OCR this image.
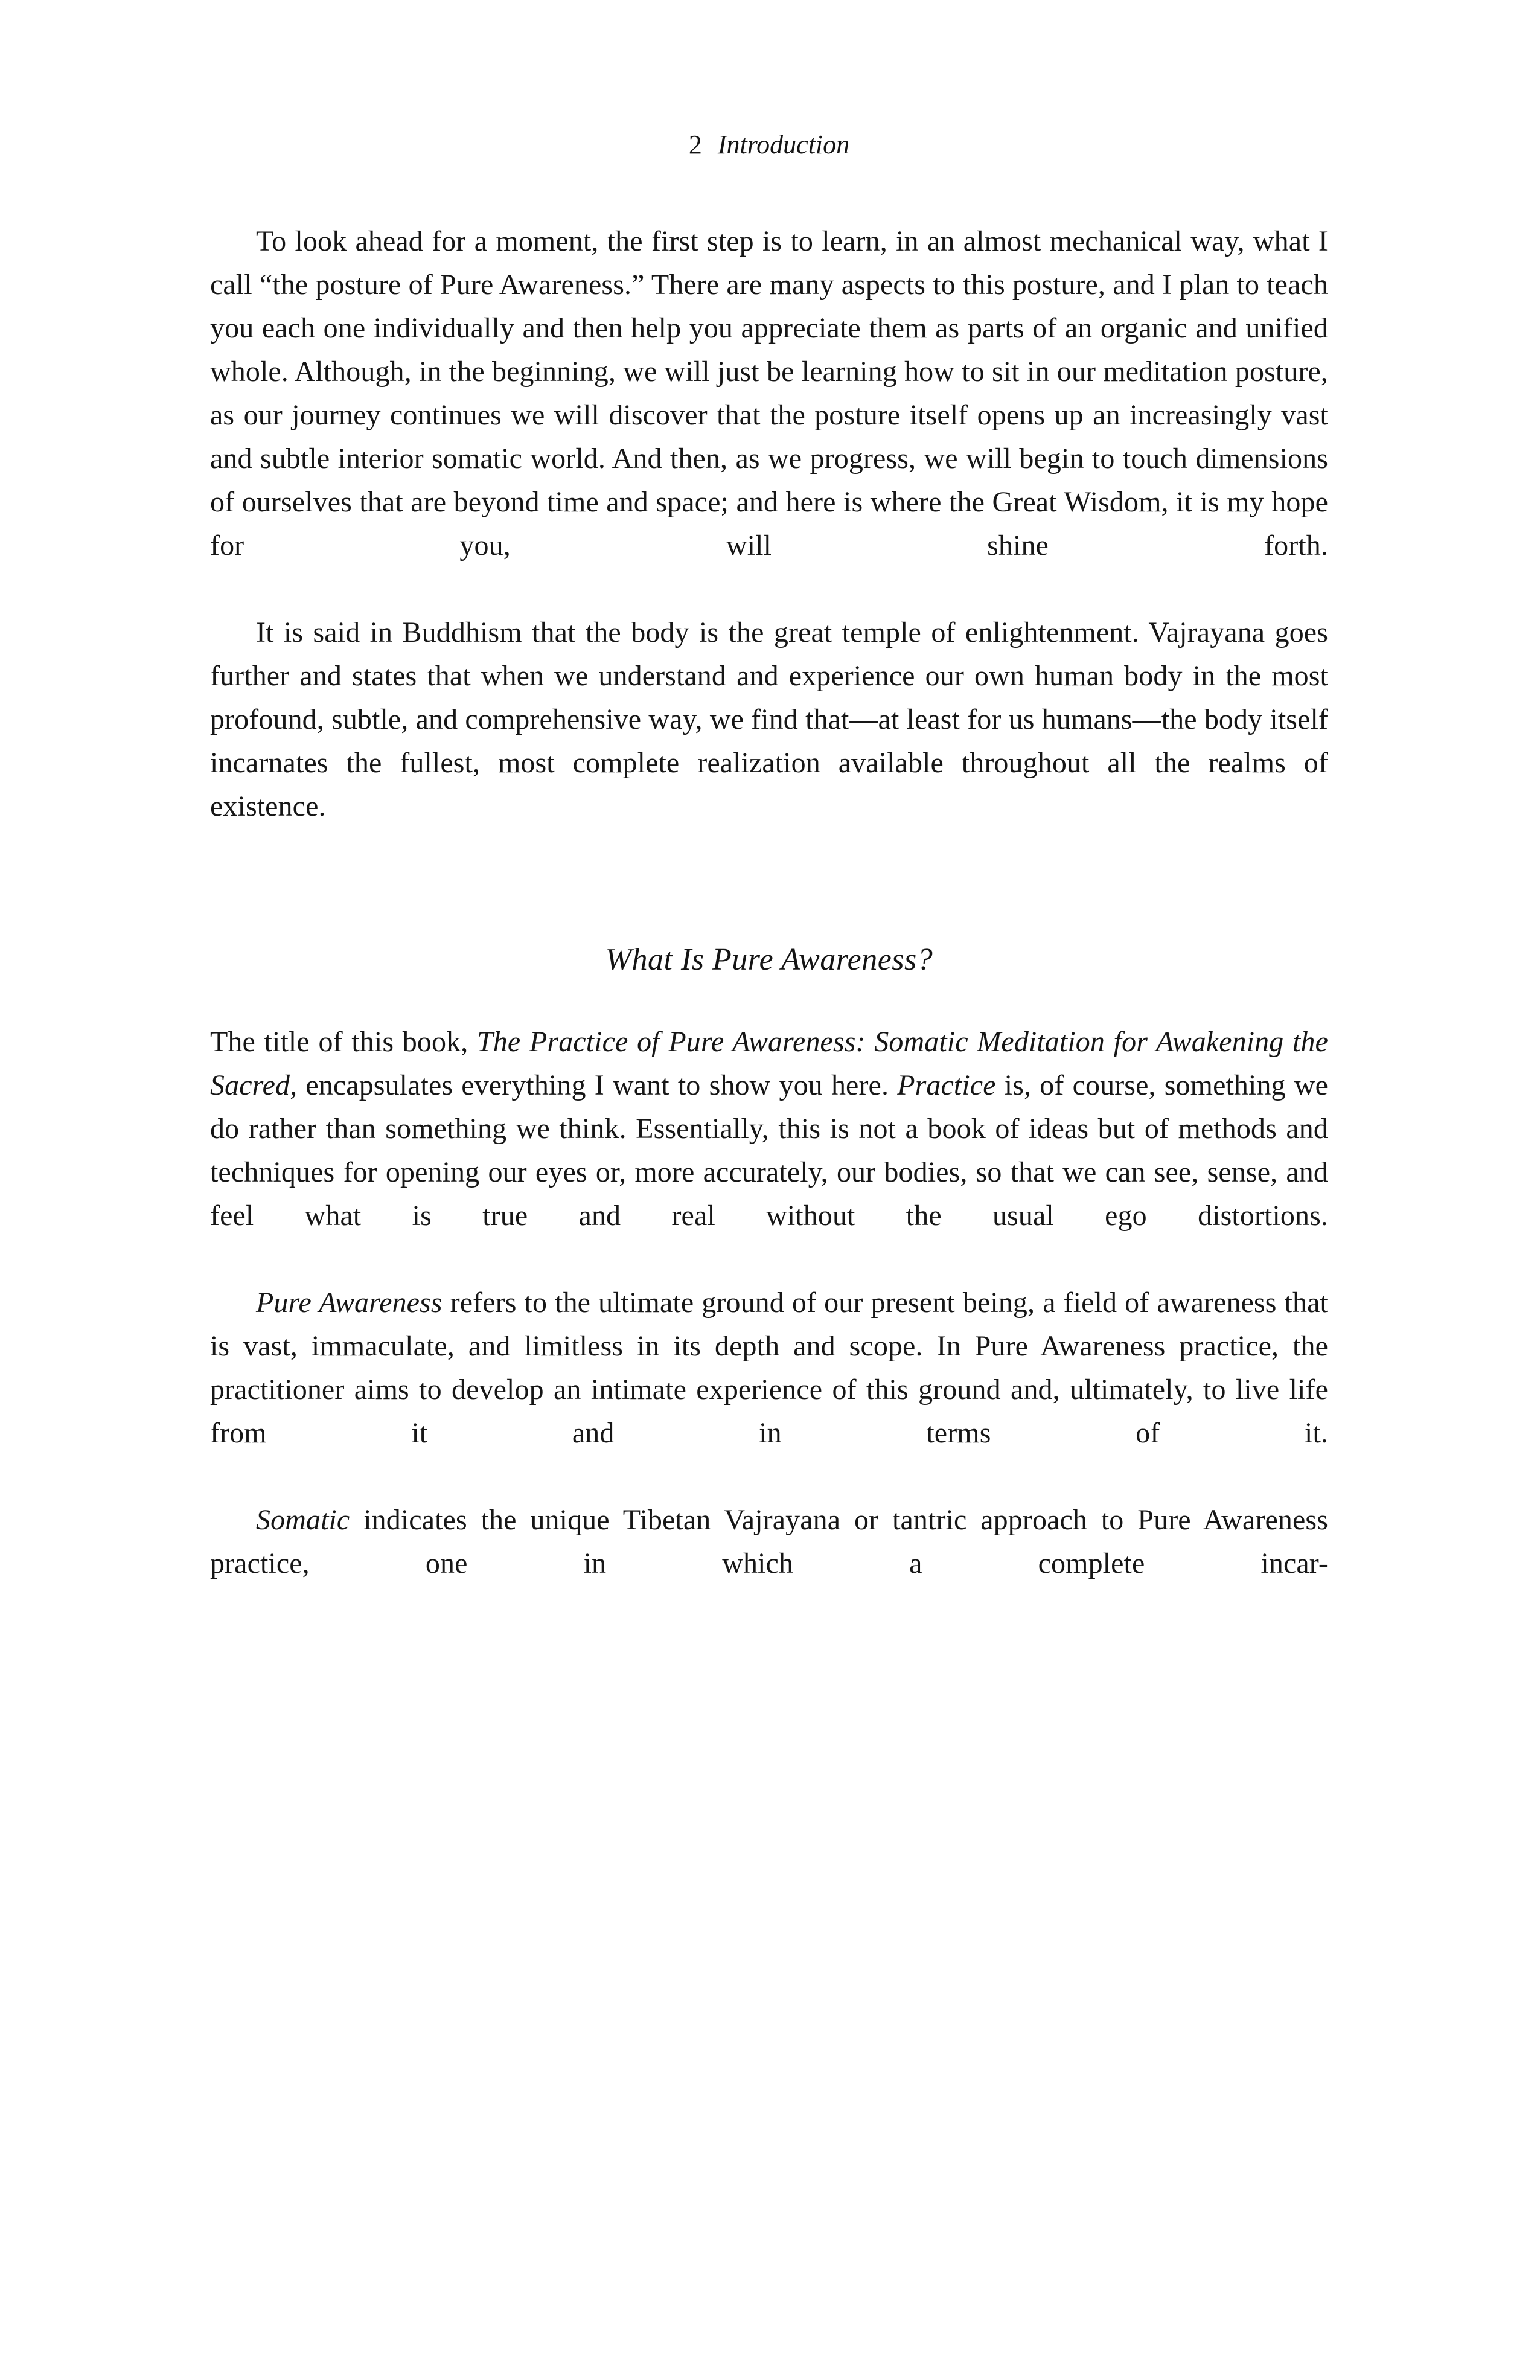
2 Introduction

To look ahead for a moment, the first step is to learn, in an almost mechanical way, what I call “the posture of Pure Awareness.” There are many aspects to this posture, and I plan to teach you each one individually and then help you appreciate them as parts of an organic and unified whole. Although, in the beginning, we will just be learning how to sit in our meditation posture, as our journey continues we will discover that the posture itself opens up an increasingly vast and subtle interior somatic world. And then, as we progress, we will begin to touch dimensions of ourselves that are beyond time and space; and here is where the Great Wisdom, it is my hope for you, will shine forth.

It is said in Buddhism that the body is the great temple of enlightenment. Vajrayana goes further and states that when we understand and experience our own human body in the most profound, subtle, and comprehensive way, we find that—at least for us humans—the body itself incarnates the fullest, most complete realization available throughout all the realms of existence.

What Is Pure Awareness?

The title of this book, The Practice of Pure Awareness: Somatic Meditation for Awakening the Sacred, encapsulates everything I want to show you here. Practice is, of course, something we do rather than something we think. Essentially, this is not a book of ideas but of methods and techniques for opening our eyes or, more accurately, our bodies, so that we can see, sense, and feel what is true and real without the usual ego distortions.

Pure Awareness refers to the ultimate ground of our present being, a field of awareness that is vast, immaculate, and limitless in its depth and scope. In Pure Awareness practice, the practitioner aims to develop an intimate experience of this ground and, ultimately, to live life from it and in terms of it.

Somatic indicates the unique Tibetan Vajrayana or tantric approach to Pure Awareness practice, one in which a complete incar-
